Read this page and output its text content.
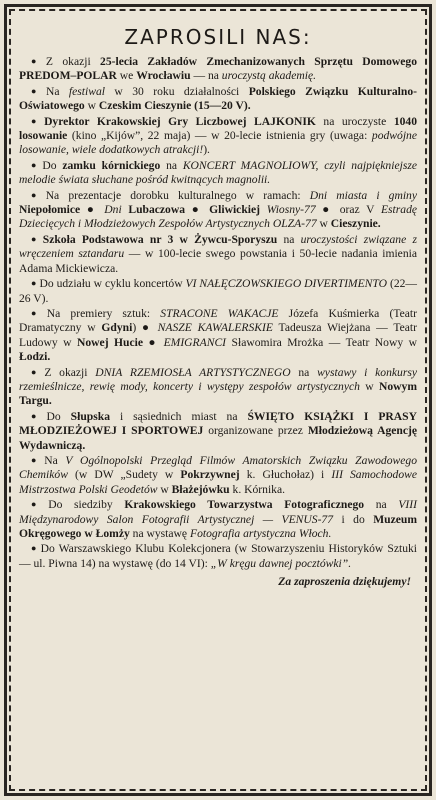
ZAPROSILI NAS:

● Z okazji 25-lecia Zakładów Zmechanizowanych Sprzętu Domowego PREDOM–POLAR we Wrocławiu — na uroczystą akademię.

● Na festiwal w 30 roku działalności Polskiego Związku Kulturalno-Oświatowego w Czeskim Cieszynie (15—20 V).

● Dyrektor Krakowskiej Gry Liczbowej LAJKONIK na uroczyste 1040 losowanie (kino „Kijów”, 22 maja) — w 20-lecie istnienia gry (uwaga: podwójne losowanie, wiele dodatkowych atrakcji!).

● Do zamku kórnickiego na KONCERT MAGNOLIOWY, czyli najpiękniejsze melodie świata słuchane pośród kwitnących magnolii.

● Na prezentacje dorobku kulturalnego w ramach: Dni miasta i gminy Niepołomice ● Dni Lubaczowa ● Gliwickiej Wiosny-77 ● oraz V Estradę Dziecięcych i Młodzieżowych Zespołów Artystycznych OLZA-77 w Cieszynie.

● Szkoła Podstawowa nr 3 w Żywcu-Sporyszu na uroczystości związane z wręczeniem sztandaru — w 100-lecie swego powstania i 50-lecie nadania imienia Adama Mickiewicza.

● Do udziału w cyklu koncertów VI NAŁĘCZOWSKIEGO DIVERTIMENTO (22—26 V).

● Na premiery sztuk: STRACONE WAKACJE Józefa Kuśmierka (Teatr Dramatyczny w Gdyni) ● NASZE KAWALERSKIE Tadeusza Wiejżana — Teatr Ludowy w Nowej Hucie ● EMIGRANCI Sławomira Mrożka — Teatr Nowy w Łodzi.

● Z okazji DNIA RZEMIOSŁA ARTYSTYCZNEGO na wystawy i konkursy rzemieślnicze, rewię mody, koncerty i występy zespołów artystycznych w Nowym Targu.

● Do Słupska i sąsiednich miast na ŚWIĘTO KSIĄŻKI I PRASY MŁODZIEŻOWEJ I SPORTOWEJ organizowane przez Młodzieżową Agencję Wydawniczą.

● Na V Ogólnopolski Przegląd Filmów Amatorskich Związku Zawodowego Chemików (w DW „Sudety w Pokrzywnej k. Głuchołaz) i III Samochodowe Mistrzostwa Polski Geodetów w Błażejówku k. Kórnika.

● Do siedziby Krakowskiego Towarzystwa Fotograficznego na VIII Międzynarodowy Salon Fotografii Artystycznej — VENUS-77 i do Muzeum Okręgowego w Łomży na wystawę Fotografia artystyczna Włoch.

● Do Warszawskiego Klubu Kolekcjonera (w Stowarzyszeniu Historyków Sztuki — ul. Piwna 14) na wystawę (do 14 VI): „W kręgu dawnej pocztówki”.

Za zaproszenia dziękujemy!
